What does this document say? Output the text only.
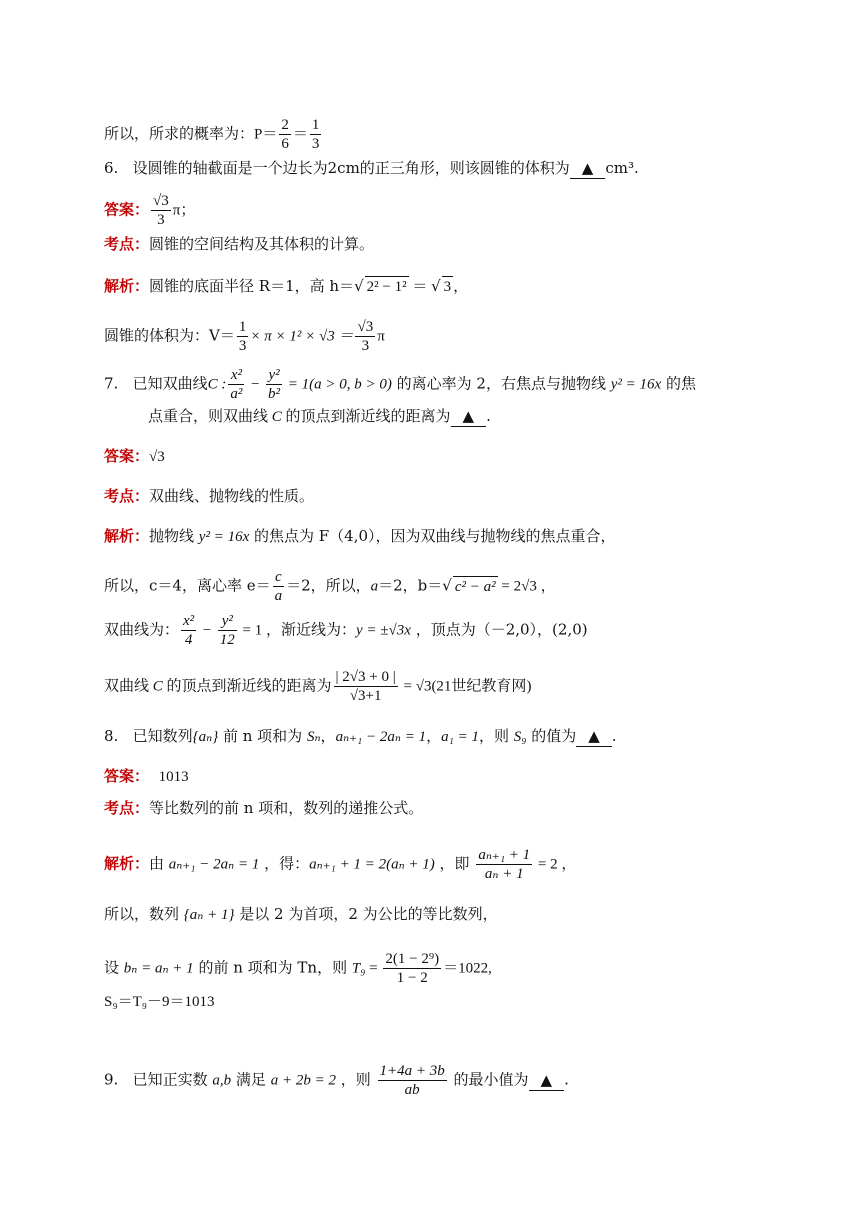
所以，所求的概率为：$P= \frac{2}{6} = \frac{1}{3}$
6. 设圆锥的轴截面是一个边长为2cm的正三角形，则该圆锥的体积为 ▲ cm³.
答案： $\frac{√3}{3}$ π；
考点：圆锥的空间结构及其体积的计算。
解析：圆锥的底面半径 R＝1，高 h＝√ 2² − 1² ＝ √ 3 ，
圆锥的体积为：$V= \frac{1}{3} \times \pi \times 1^2 \times √3 = \frac{√3}{3}$ π
7. 已知双曲线C : $\frac{\text{x²}}{\text{a²}} - \frac{\text{y²}}{\text{b²}} = 1(a > 0$, b > 0) 的离心率为 2，右焦点与抛物线 y² = 16x 的焦
点重合，则双曲线 C 的顶点到渐近线的距离为 ▲ .
答案：√3
考点：双曲线、抛物线的性质。
解析：抛物线 y² = 16x 的焦点为 F（4,0），因为双曲线与抛物线的焦点重合，
所以，c＝4，离心率 $e= \frac{c}{a} =2$，所以，a＝2，b＝√ c² − a² = 2√3 ，
双曲线为： $\frac{\text{x²}}{4} - \frac{\text{y²}}{12} = 1$ ，渐近线为：y = ±√3x ，顶点为（－2,0），(2,0)
双曲线 C 的顶点到渐近线的距离为 $\frac{| 2√3 + 0 |}{√3+1} = √3(21$世纪教育网)
8. 已知数列{aₙ} 前 n 项和为 Sₙ，aₙ₊₁ − 2aₙ = 1，a₁ = 1，则 S₉ 的值为 ▲ .
答案： 1013
考点：等比数列的前 n 项和，数列的递推公式。
解析：由 aₙ₊₁ − 2aₙ = 1 ，得：aₙ₊₁ + 1 = 2(aₙ + 1) ，即 $\frac{\text{aₙ₊₁ + 1}}{\text{aₙ + 1}} = 2$ ，
所以，数列 {aₙ + 1} 是以 2 为首项，2 为公比的等比数列，
设 bₙ = aₙ + 1 的前 n 项和为 Tn，则 $T_9 = \frac{\text{2(1 − 2⁹)}}{1 - 2} =1022$,
S₉＝T₉－9＝1013
9. 已知正实数 a,b 满足 a + 2b = 2 ，则 $\frac{1+4a + 3b}{ab}$ 的最小值为 ▲ .
